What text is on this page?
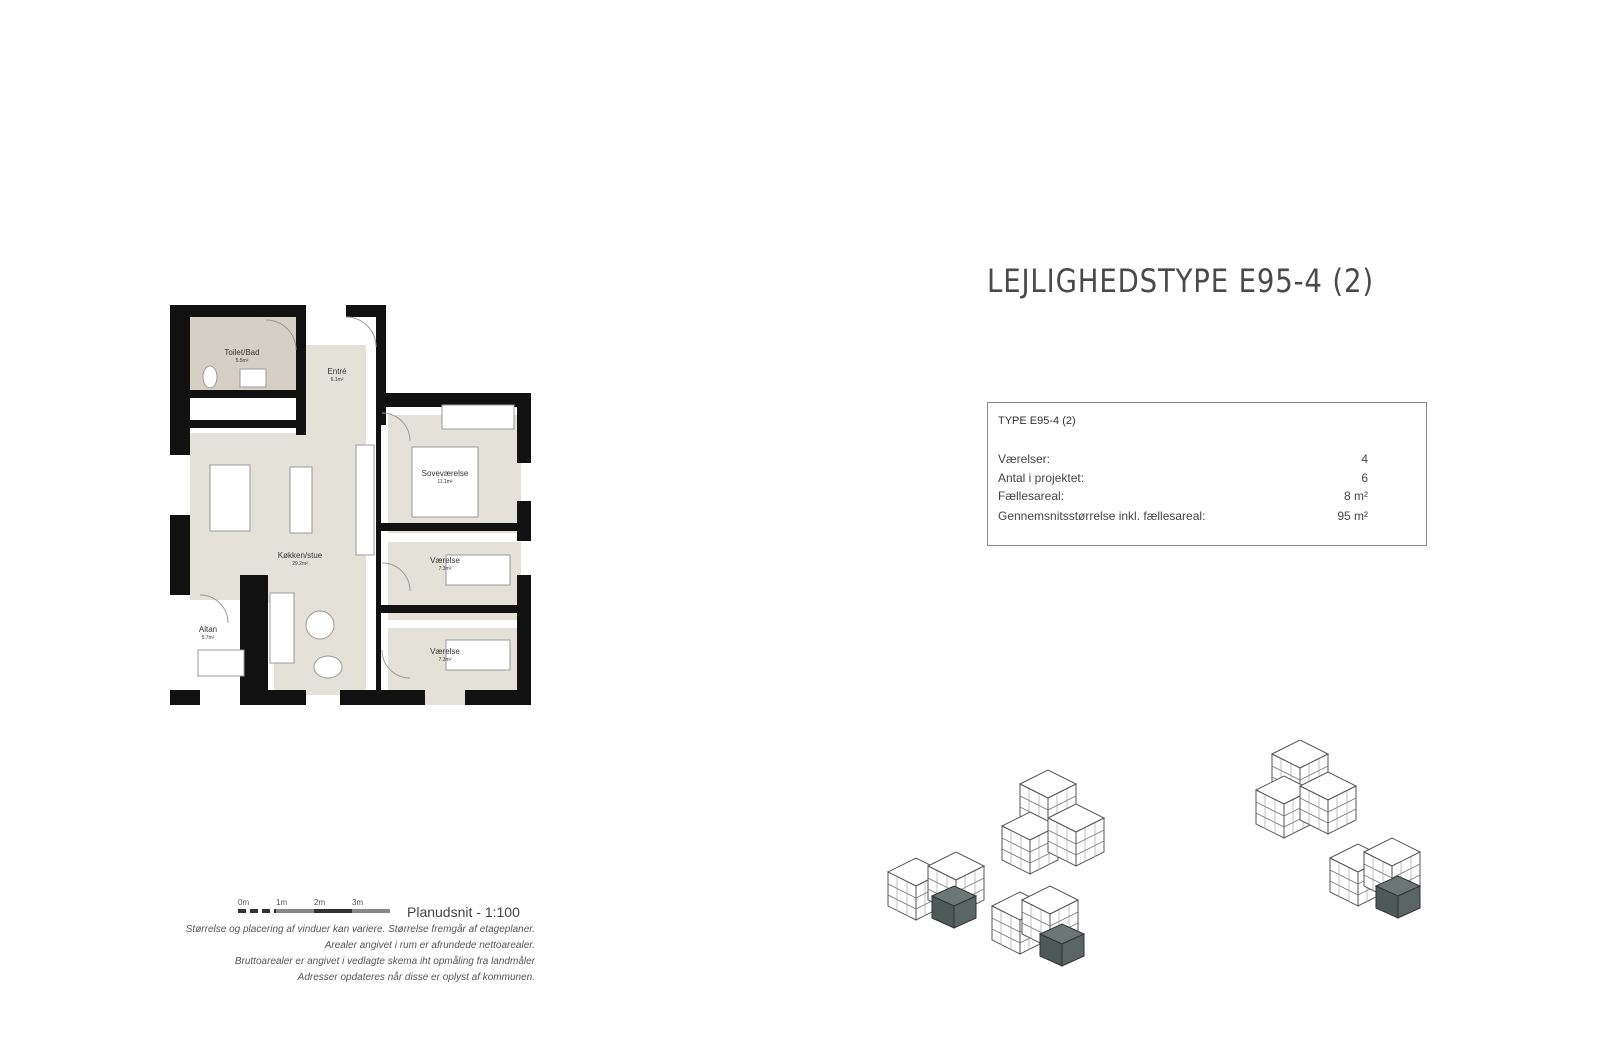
LEJLIGHEDSTYPE E95-4 (2)
TYPE E95-4 (2)
Værelser:	4
Antal i projektet:	6
Fællesareal:	8 m²
Gennemsnitsstørrelse inkl. fællesareal:	95 m²
Toilet/Bad
5.5m²
Entré
6.1m²
Soveværelse
11.1m²
Køkken/stue
29.2m²	Værelse
7.3m²
Værelse
7.3m²
Altan
5.7m²
0m	1m	2m	3m
Planudsnit - 1:100
Størrelse og placering af vinduer kan variere. Størrelse fremgår af etageplaner.
Arealer angivet i rum er afrundede nettoarealer.
Bruttoarealer er angivet i vedlagte skema iht opmåling fra landmåler
Adresser opdateres når disse er oplyst af kommunen.
